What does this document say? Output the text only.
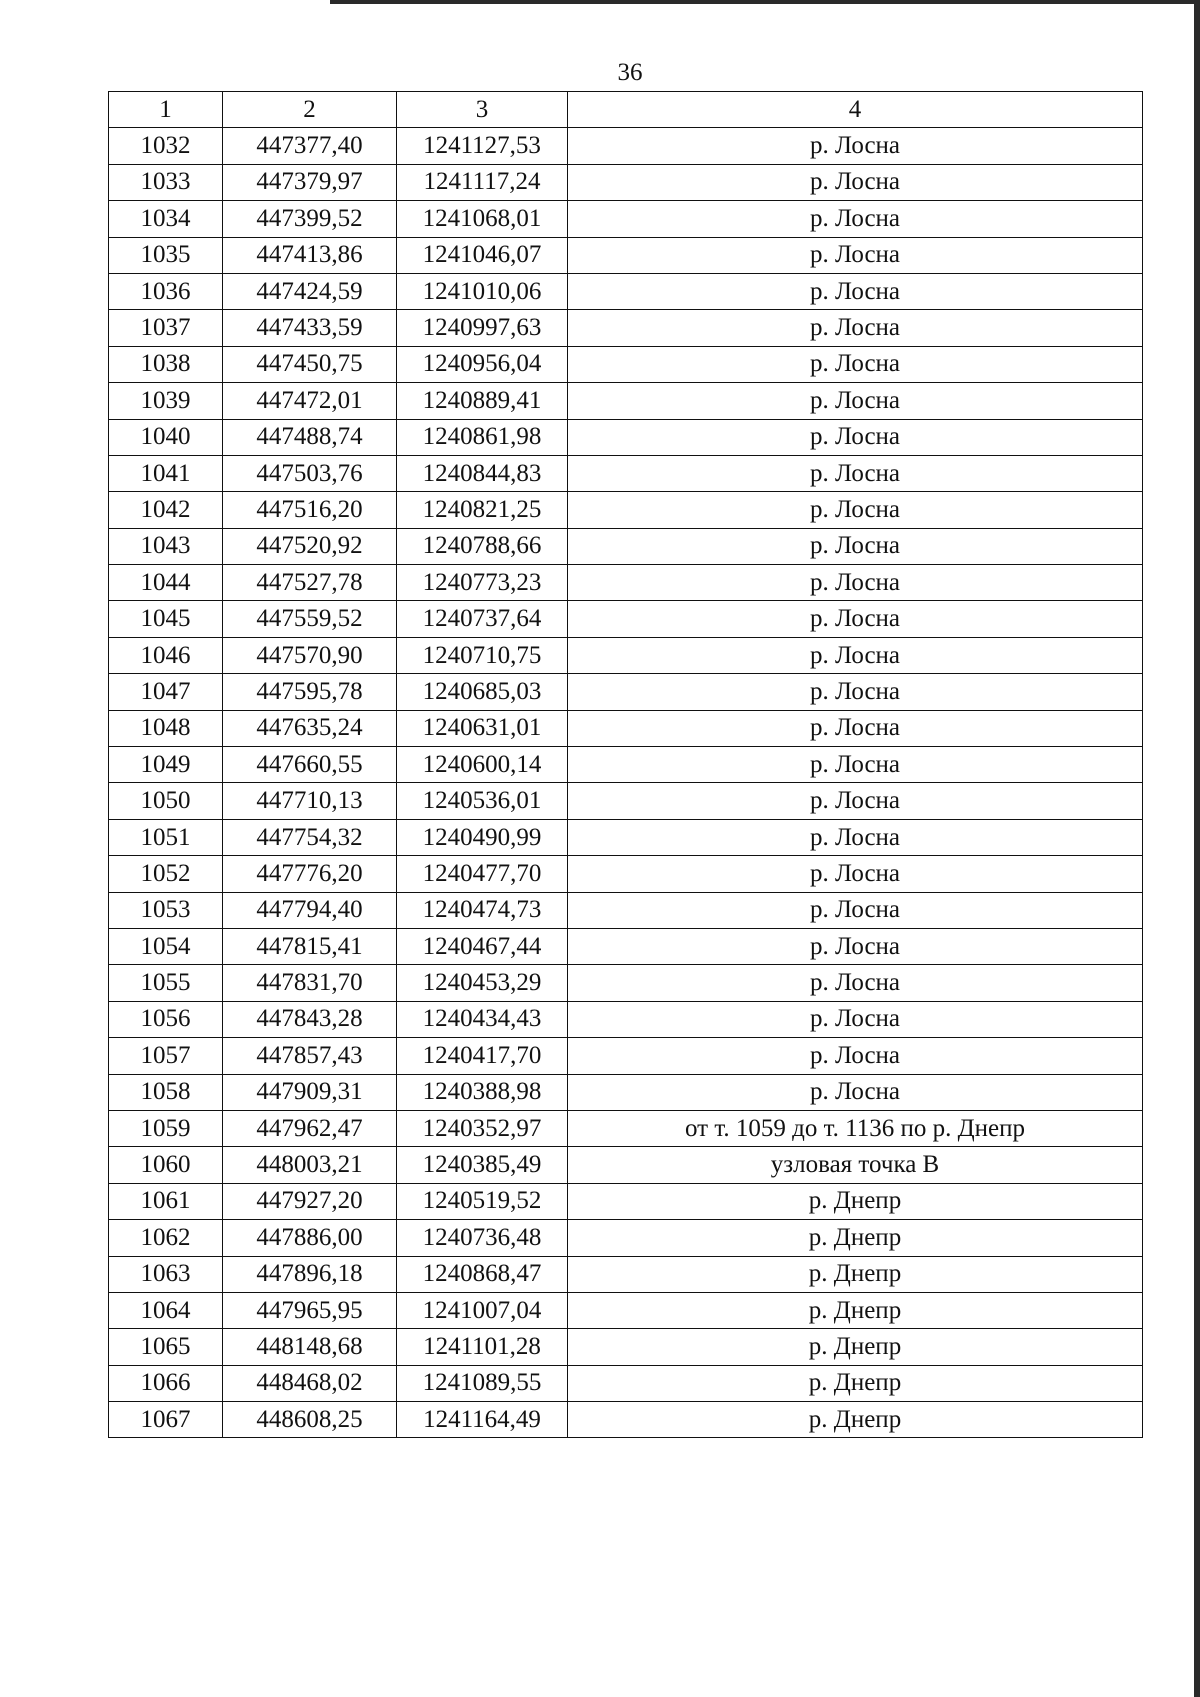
36
1	2	3	4
1032	447377,40	1241127,53	р. Лосна
1033	447379,97	1241117,24	р. Лосна
1034	447399,52	1241068,01	р. Лосна
1035	447413,86	1241046,07	р. Лосна
1036	447424,59	1241010,06	р. Лосна
1037	447433,59	1240997,63	р. Лосна
1038	447450,75	1240956,04	р. Лосна
1039	447472,01	1240889,41	р. Лосна
1040	447488,74	1240861,98	р. Лосна
1041	447503,76	1240844,83	р. Лосна
1042	447516,20	1240821,25	р. Лосна
1043	447520,92	1240788,66	р. Лосна
1044	447527,78	1240773,23	р. Лосна
1045	447559,52	1240737,64	р. Лосна
1046	447570,90	1240710,75	р. Лосна
1047	447595,78	1240685,03	р. Лосна
1048	447635,24	1240631,01	р. Лосна
1049	447660,55	1240600,14	р. Лосна
1050	447710,13	1240536,01	р. Лосна
1051	447754,32	1240490,99	р. Лосна
1052	447776,20	1240477,70	р. Лосна
1053	447794,40	1240474,73	р. Лосна
1054	447815,41	1240467,44	р. Лосна
1055	447831,70	1240453,29	р. Лосна
1056	447843,28	1240434,43	р. Лосна
1057	447857,43	1240417,70	р. Лосна
1058	447909,31	1240388,98	р. Лосна
1059	447962,47	1240352,97	от т. 1059 до т. 1136 по р. Днепр
1060	448003,21	1240385,49	узловая точка В
1061	447927,20	1240519,52	р. Днепр
1062	447886,00	1240736,48	р. Днепр
1063	447896,18	1240868,47	р. Днепр
1064	447965,95	1241007,04	р. Днепр
1065	448148,68	1241101,28	р. Днепр
1066	448468,02	1241089,55	р. Днепр
1067	448608,25	1241164,49	р. Днепр
